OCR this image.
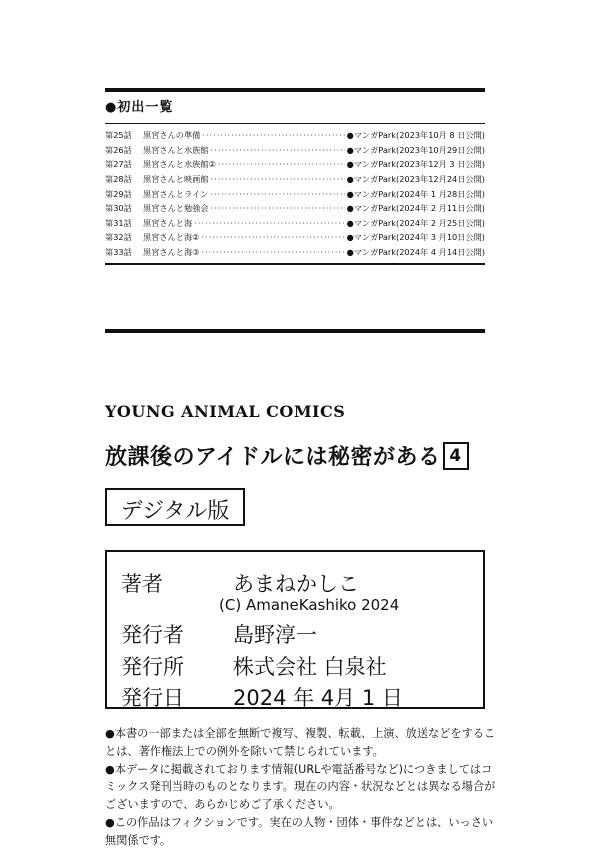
●初出一覧
第25話	黒宮さんの準備 ·····	●マンガPark(2023年10月 8 日公開)
第26話	黒宮さんと水族館 ·····	●マンガPark(2023年10月29日公開)
第27話	黒宮さんと水族館② ·····	●マンガPark(2023年12月 3 日公開)
第28話	黒宮さんと映画館 ·····	●マンガPark(2023年12月24日公開)
第29話	黒宮さんとライン ·····	●マンガPark(2024年 1 月28日公開)
第30話	黒宮さんと勉強会 ·····	●マンガPark(2024年 2 月11日公開)
第31話	黒宮さんと海 ·····	●マンガPark(2024年 2 月25日公開)
第32話	黒宮さんと海② ·····	●マンガPark(2024年 3 月10日公開)
第33話	黒宮さんと海③ ·····	●マンガPark(2024年 4 月14日公開)
YOUNG ANIMAL COMICS
放課後のアイドルには秘密がある 4
デジタル版
著者	あまねかしこ
(C) AmaneKashiko 2024
発行者 島野淳一
発行所 株式会社 白泉社
発行日 2024 年 4月 1 日

●本書の一部または全部を無断で複写、複製、転載、上演、放送などをすることは、著作権法上での例外を除いて禁じられています。

●本データに掲載されております情報(URLや電話番号など)につきましてはコミックス発刊当時のものとなります。現在の内容・状況などとは異なる場合がございますので、あらかじめご了承ください。

●この作品はフィクションです。実在の人物・団体・事件などとは、いっさい無関係です。
